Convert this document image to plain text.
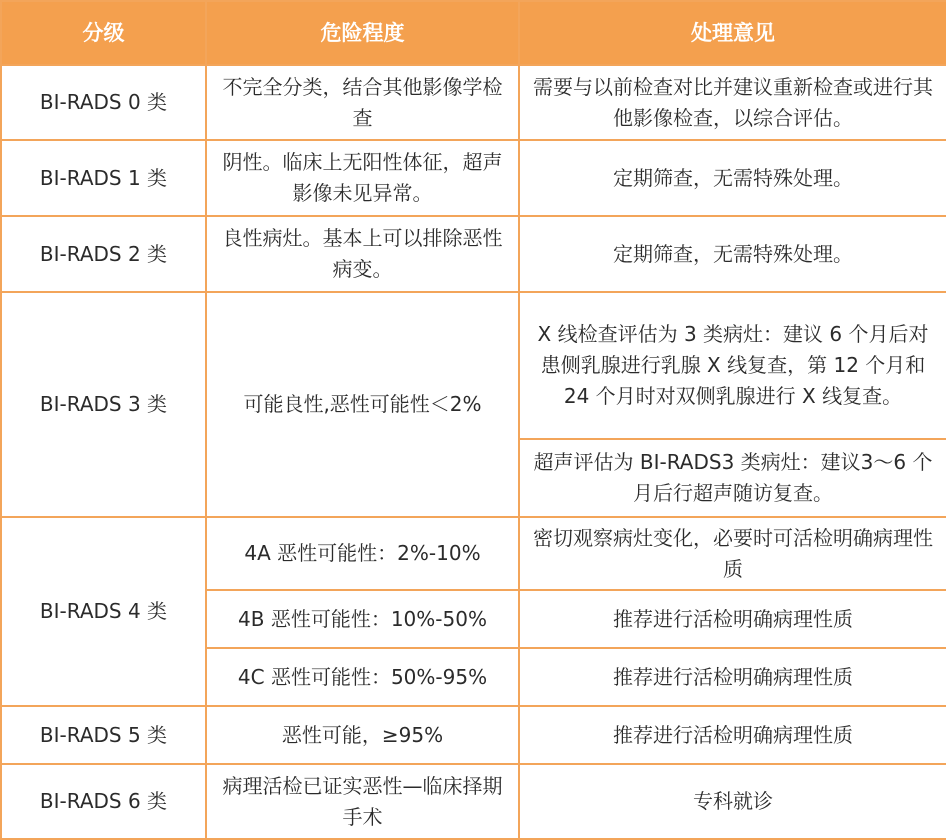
分级	危险程度	处理意见
BI-RADS 0 类	不完全分类，结合其他影像学检查	需要与以前检查对比并建议重新检查或进行其他影像检查，以综合评估。
BI-RADS 1 类	阴性。临床上无阳性体征，超声影像未见异常。	定期筛查，无需特殊处理。
BI-RADS 2 类	良性病灶。基本上可以排除恶性病变。	定期筛查，无需特殊处理。
BI-RADS 3 类	可能良性,恶性可能性＜2%	X 线检查评估为 3 类病灶：建议 6 个月后对患侧乳腺进行乳腺 X 线复查，第 12 个月和 24 个月时对双侧乳腺进行 X 线复查。
		超声评估为 BI-RADS3 类病灶：建议3～6 个月后行超声随访复查。
BI-RADS 4 类	4A 恶性可能性：2%-10%	密切观察病灶变化，必要时可活检明确病理性质
	4B 恶性可能性：10%-50%	推荐进行活检明确病理性质
	4C 恶性可能性：50%-95%	推荐进行活检明确病理性质
BI-RADS 5 类	恶性可能，≥95%	推荐进行活检明确病理性质
BI-RADS 6 类	病理活检已证实恶性—临床择期手术	专科就诊
